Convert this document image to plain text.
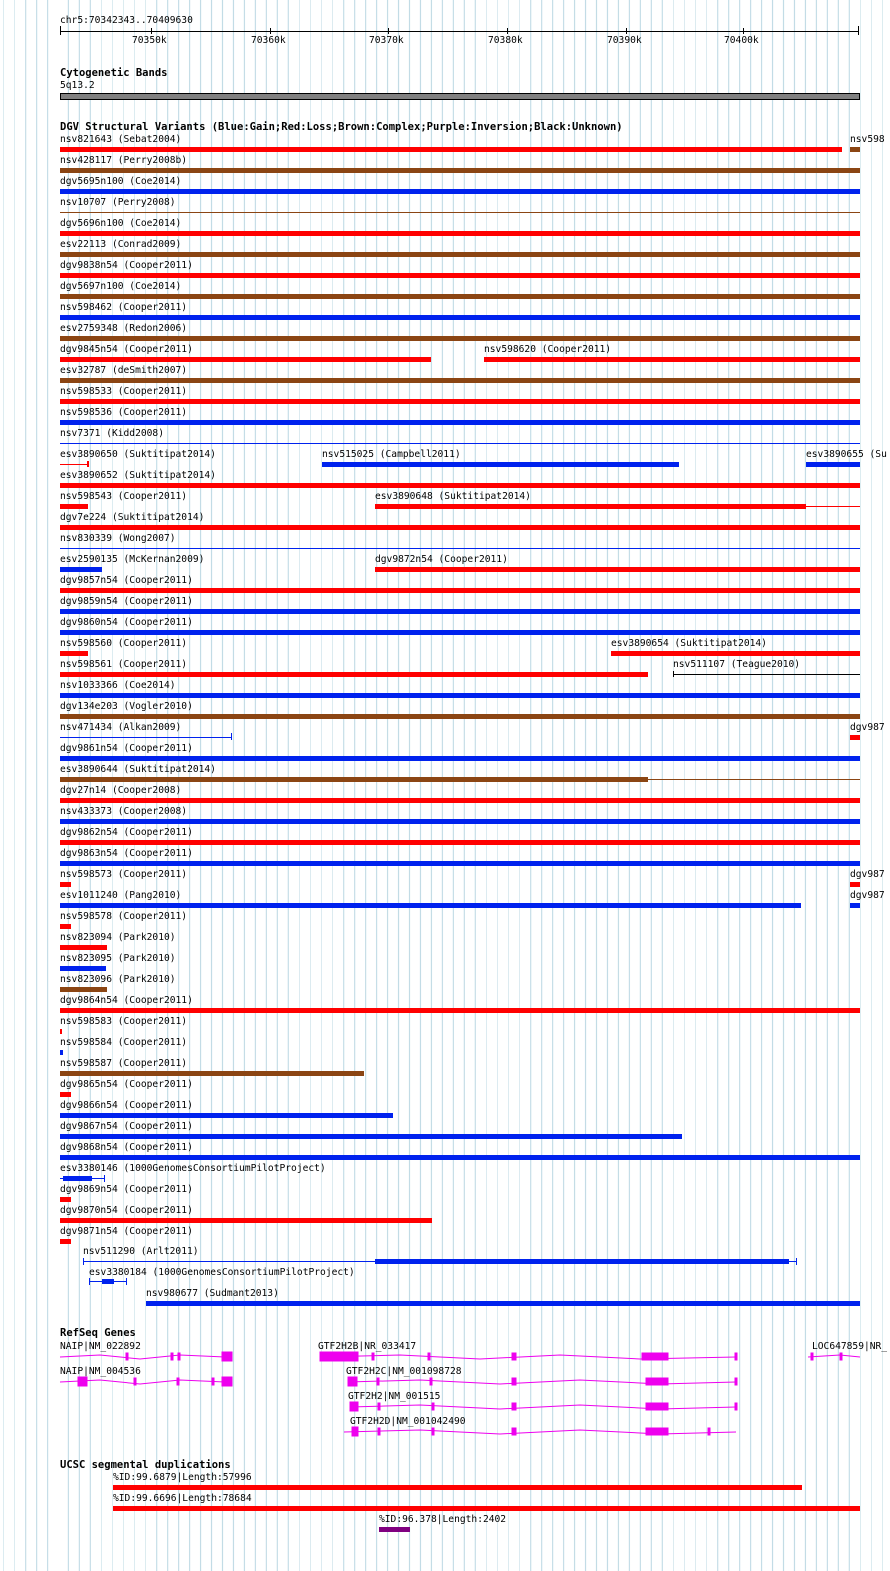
chr5:70342343..70409630
70350k	70360k	70370k	70380k	70390k	70400k
Cytogenetic Bands
5q13.2
DGV Structural Variants (Blue:Gain;Red:Loss;Brown:Complex;Purple:Inversion;Black:Unknown)
nsv821643 (Sebat2004)	nsv598
nsv428117 (Perry2008b)
dgv5695n100 (Coe2014)
nsv10707 (Perry2008)
dgv5696n100 (Coe2014)
esv22113 (Conrad2009)
dgv9838n54 (Cooper2011)
dgv5697n100 (Coe2014)
nsv598462 (Cooper2011)
esv2759348 (Redon2006)
dgv9845n54 (Cooper2011)	nsv598620 (Cooper2011)
esv32787 (deSmith2007)
nsv598533 (Cooper2011)
nsv598536 (Cooper2011)
nsv7371 (Kidd2008)
esv3890650 (Suktitipat2014)	nsv515025 (Campbell2011)	esv3890655 (Su
esv3890652 (Suktitipat2014)
nsv598543 (Cooper2011)	esv3890648 (Suktitipat2014)
dgv7e224 (Suktitipat2014)
nsv830339 (Wong2007)
esv2590135 (McKernan2009)	dgv9872n54 (Cooper2011)
dgv9857n54 (Cooper2011)
dgv9859n54 (Cooper2011)
dgv9860n54 (Cooper2011)
nsv598560 (Cooper2011)	esv3890654 (Suktitipat2014)
nsv598561 (Cooper2011)	nsv511107 (Teague2010)
nsv1033366 (Coe2014)
dgv134e203 (Vogler2010)
nsv471434 (Alkan2009)	dgv987
dgv9861n54 (Cooper2011)
esv3890644 (Suktitipat2014)
dgv27n14 (Cooper2008)
nsv433373 (Cooper2008)
dgv9862n54 (Cooper2011)
dgv9863n54 (Cooper2011)
nsv598573 (Cooper2011)	dgv987
esv1011240 (Pang2010)	dgv987
nsv598578 (Cooper2011)
nsv823094 (Park2010)
nsv823095 (Park2010)
nsv823096 (Park2010)
dgv9864n54 (Cooper2011)
nsv598583 (Cooper2011)
nsv598584 (Cooper2011)
nsv598587 (Cooper2011)
dgv9865n54 (Cooper2011)
dgv9866n54 (Cooper2011)
dgv9867n54 (Cooper2011)
dgv9868n54 (Cooper2011)
esv3380146 (1000GenomesConsortiumPilotProject)
dgv9869n54 (Cooper2011)
dgv9870n54 (Cooper2011)
dgv9871n54 (Cooper2011)
nsv511290 (Arlt2011)
esv3380184 (1000GenomesConsortiumPilotProject)
nsv980677 (Sudmant2013)
RefSeq Genes
NAIP|NM_022892	GTF2H2B|NR_033417	LOC647859|NR_
NAIP|NM_004536	GTF2H2C|NM_001098728
GTF2H2|NM_001515
GTF2H2D|NM_001042490
UCSC segmental duplications
%ID:99.6879|Length:57996
%ID:99.6696|Length:78684
%ID:96.378|Length:2402
